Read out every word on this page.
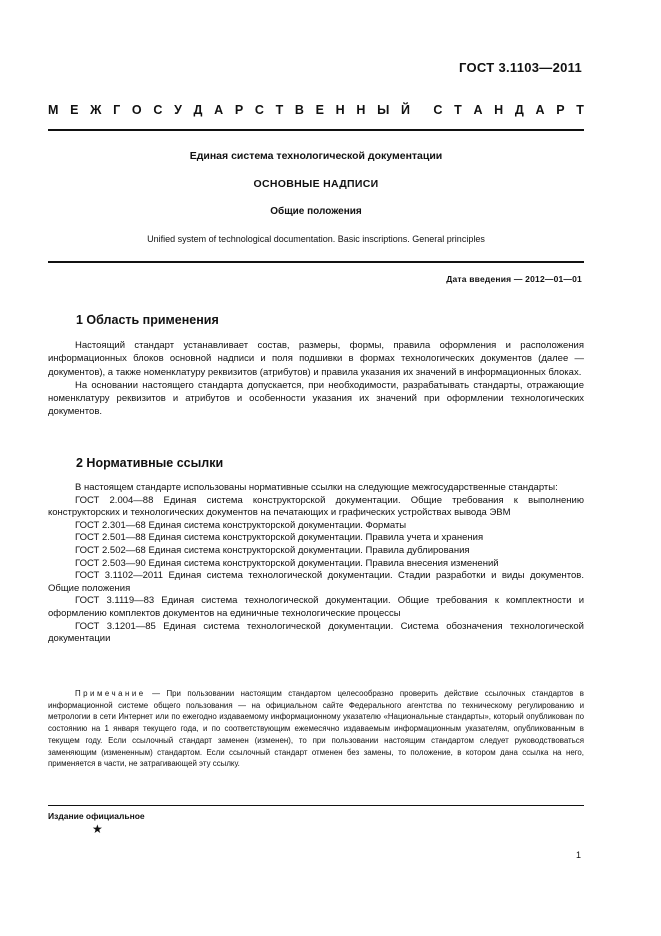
ГОСТ 3.1103—2011
М Е Ж Г О С У Д А Р С Т В Е Н Н Ы Й С Т А Н Д А Р Т
Единая система технологической документации
ОСНОВНЫЕ НАДПИСИ
Общие положения
Unified system of technological documentation. Basic inscriptions. General principles
Дата введения — 2012—01—01
1 Область применения

Настоящий стандарт устанавливает состав, размеры, формы, правила оформления и расположения информационных блоков основной надписи и поля подшивки в формах технологических документов (далее — документов), а также номенклатуру реквизитов (атрибутов) и правила указания их значений в информационных блоках.

На основании настоящего стандарта допускается, при необходимости, разрабатывать стандарты, отражающие номенклатуру реквизитов и атрибутов и особенности указания их значений при оформлении технологических документов.

2 Нормативные ссылки

В настоящем стандарте использованы нормативные ссылки на следующие межгосударственные стандарты:

ГОСТ 2.004—88 Единая система конструкторской документации. Общие требования к выполнению конструкторских и технологических документов на печатающих и графических устройствах вывода ЭВМ

ГОСТ 2.301—68 Единая система конструкторской документации. Форматы

ГОСТ 2.501—88 Единая система конструкторской документации. Правила учета и хранения

ГОСТ 2.502—68 Единая система конструкторской документации. Правила дублирования

ГОСТ 2.503—90 Единая система конструкторской документации. Правила внесения изменений

ГОСТ 3.1102—2011 Единая система технологической документации. Стадии разработки и виды документов. Общие положения

ГОСТ 3.1119—83 Единая система технологической документации. Общие требования к комплектности и оформлению комплектов документов на единичные технологические процессы

ГОСТ 3.1201—85 Единая система технологической документации. Система обозначения технологической документации

Примечание — При пользовании настоящим стандартом целесообразно проверить действие ссылочных стандартов в информационной системе общего пользования — на официальном сайте Федерального агентства по техническому регулированию и метрологии в сети Интернет или по ежегодно издаваемому информационному указателю «Национальные стандарты», который опубликован по состоянию на 1 января текущего года, и по соответствующим ежемесячно издаваемым информационным указателям, опубликованным в текущем году. Если ссылочный стандарт заменен (изменен), то при пользовании настоящим стандартом следует руководствоваться заменяющим (измененным) стандартом. Если ссылочный стандарт отменен без замены, то положение, в котором дана ссылка на него, применяется в части, не затрагивающей эту ссылку.

Издание официальное
★
1
